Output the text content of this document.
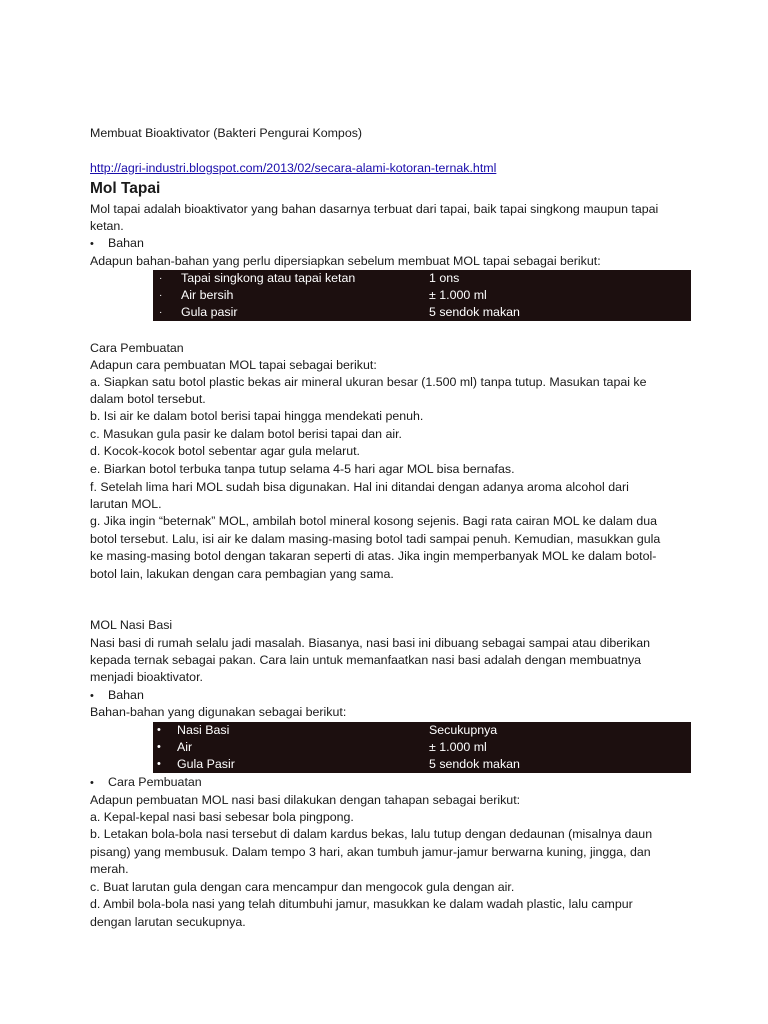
Membuat Bioaktivator (Bakteri Pengurai Kompos)
http://agri-industri.blogspot.com/2013/02/secara-alami-kotoran-ternak.html
Mol Tapai
Mol tapai adalah bioaktivator yang bahan dasarnya terbuat dari tapai, baik tapai singkong maupun tapai
ketan.
• Bahan
Adapun bahan-bahan yang perlu dipersiapkan sebelum membuat MOL tapai sebagai berikut:
· Tapai singkong atau tapai ketan	1 ons
· Air bersih	± 1.000 ml
· Gula pasir	5 sendok makan
Cara Pembuatan
Adapun cara pembuatan MOL tapai sebagai berikut:
a. Siapkan satu botol plastic bekas air mineral ukuran besar (1.500 ml) tanpa tutup. Masukan tapai ke
dalam botol tersebut.
b. Isi air ke dalam botol berisi tapai hingga mendekati penuh.
c. Masukan gula pasir ke dalam botol berisi tapai dan air.
d. Kocok-kocok botol sebentar agar gula melarut.
e. Biarkan botol terbuka tanpa tutup selama 4-5 hari agar MOL bisa bernafas.
f. Setelah lima hari MOL sudah bisa digunakan. Hal ini ditandai dengan adanya aroma alcohol dari
larutan MOL.
g. Jika ingin “beternak” MOL, ambilah botol mineral kosong sejenis. Bagi rata cairan MOL ke dalam dua
botol tersebut. Lalu, isi air ke dalam masing-masing botol tadi sampai penuh. Kemudian, masukkan gula
ke masing-masing botol dengan takaran seperti di atas. Jika ingin memperbanyak MOL ke dalam botol-
botol lain, lakukan dengan cara pembagian yang sama.
MOL Nasi Basi
Nasi basi di rumah selalu jadi masalah. Biasanya, nasi basi ini dibuang sebagai sampai atau diberikan
kepada ternak sebagai pakan. Cara lain untuk memanfaatkan nasi basi adalah dengan membuatnya
menjadi bioaktivator.
• Bahan
Bahan-bahan yang digunakan sebagai berikut:
• Nasi Basi	Secukupnya
• Air	± 1.000 ml
• Gula Pasir	5 sendok makan
• Cara Pembuatan
Adapun pembuatan MOL nasi basi dilakukan dengan tahapan sebagai berikut:
a. Kepal-kepal nasi basi sebesar bola pingpong.
b. Letakan bola-bola nasi tersebut di dalam kardus bekas, lalu tutup dengan dedaunan (misalnya daun
pisang) yang membusuk. Dalam tempo 3 hari, akan tumbuh jamur-jamur berwarna kuning, jingga, dan
merah.
c. Buat larutan gula dengan cara mencampur dan mengocok gula dengan air.
d. Ambil bola-bola nasi yang telah ditumbuhi jamur, masukkan ke dalam wadah plastic, lalu campur
dengan larutan secukupnya.
